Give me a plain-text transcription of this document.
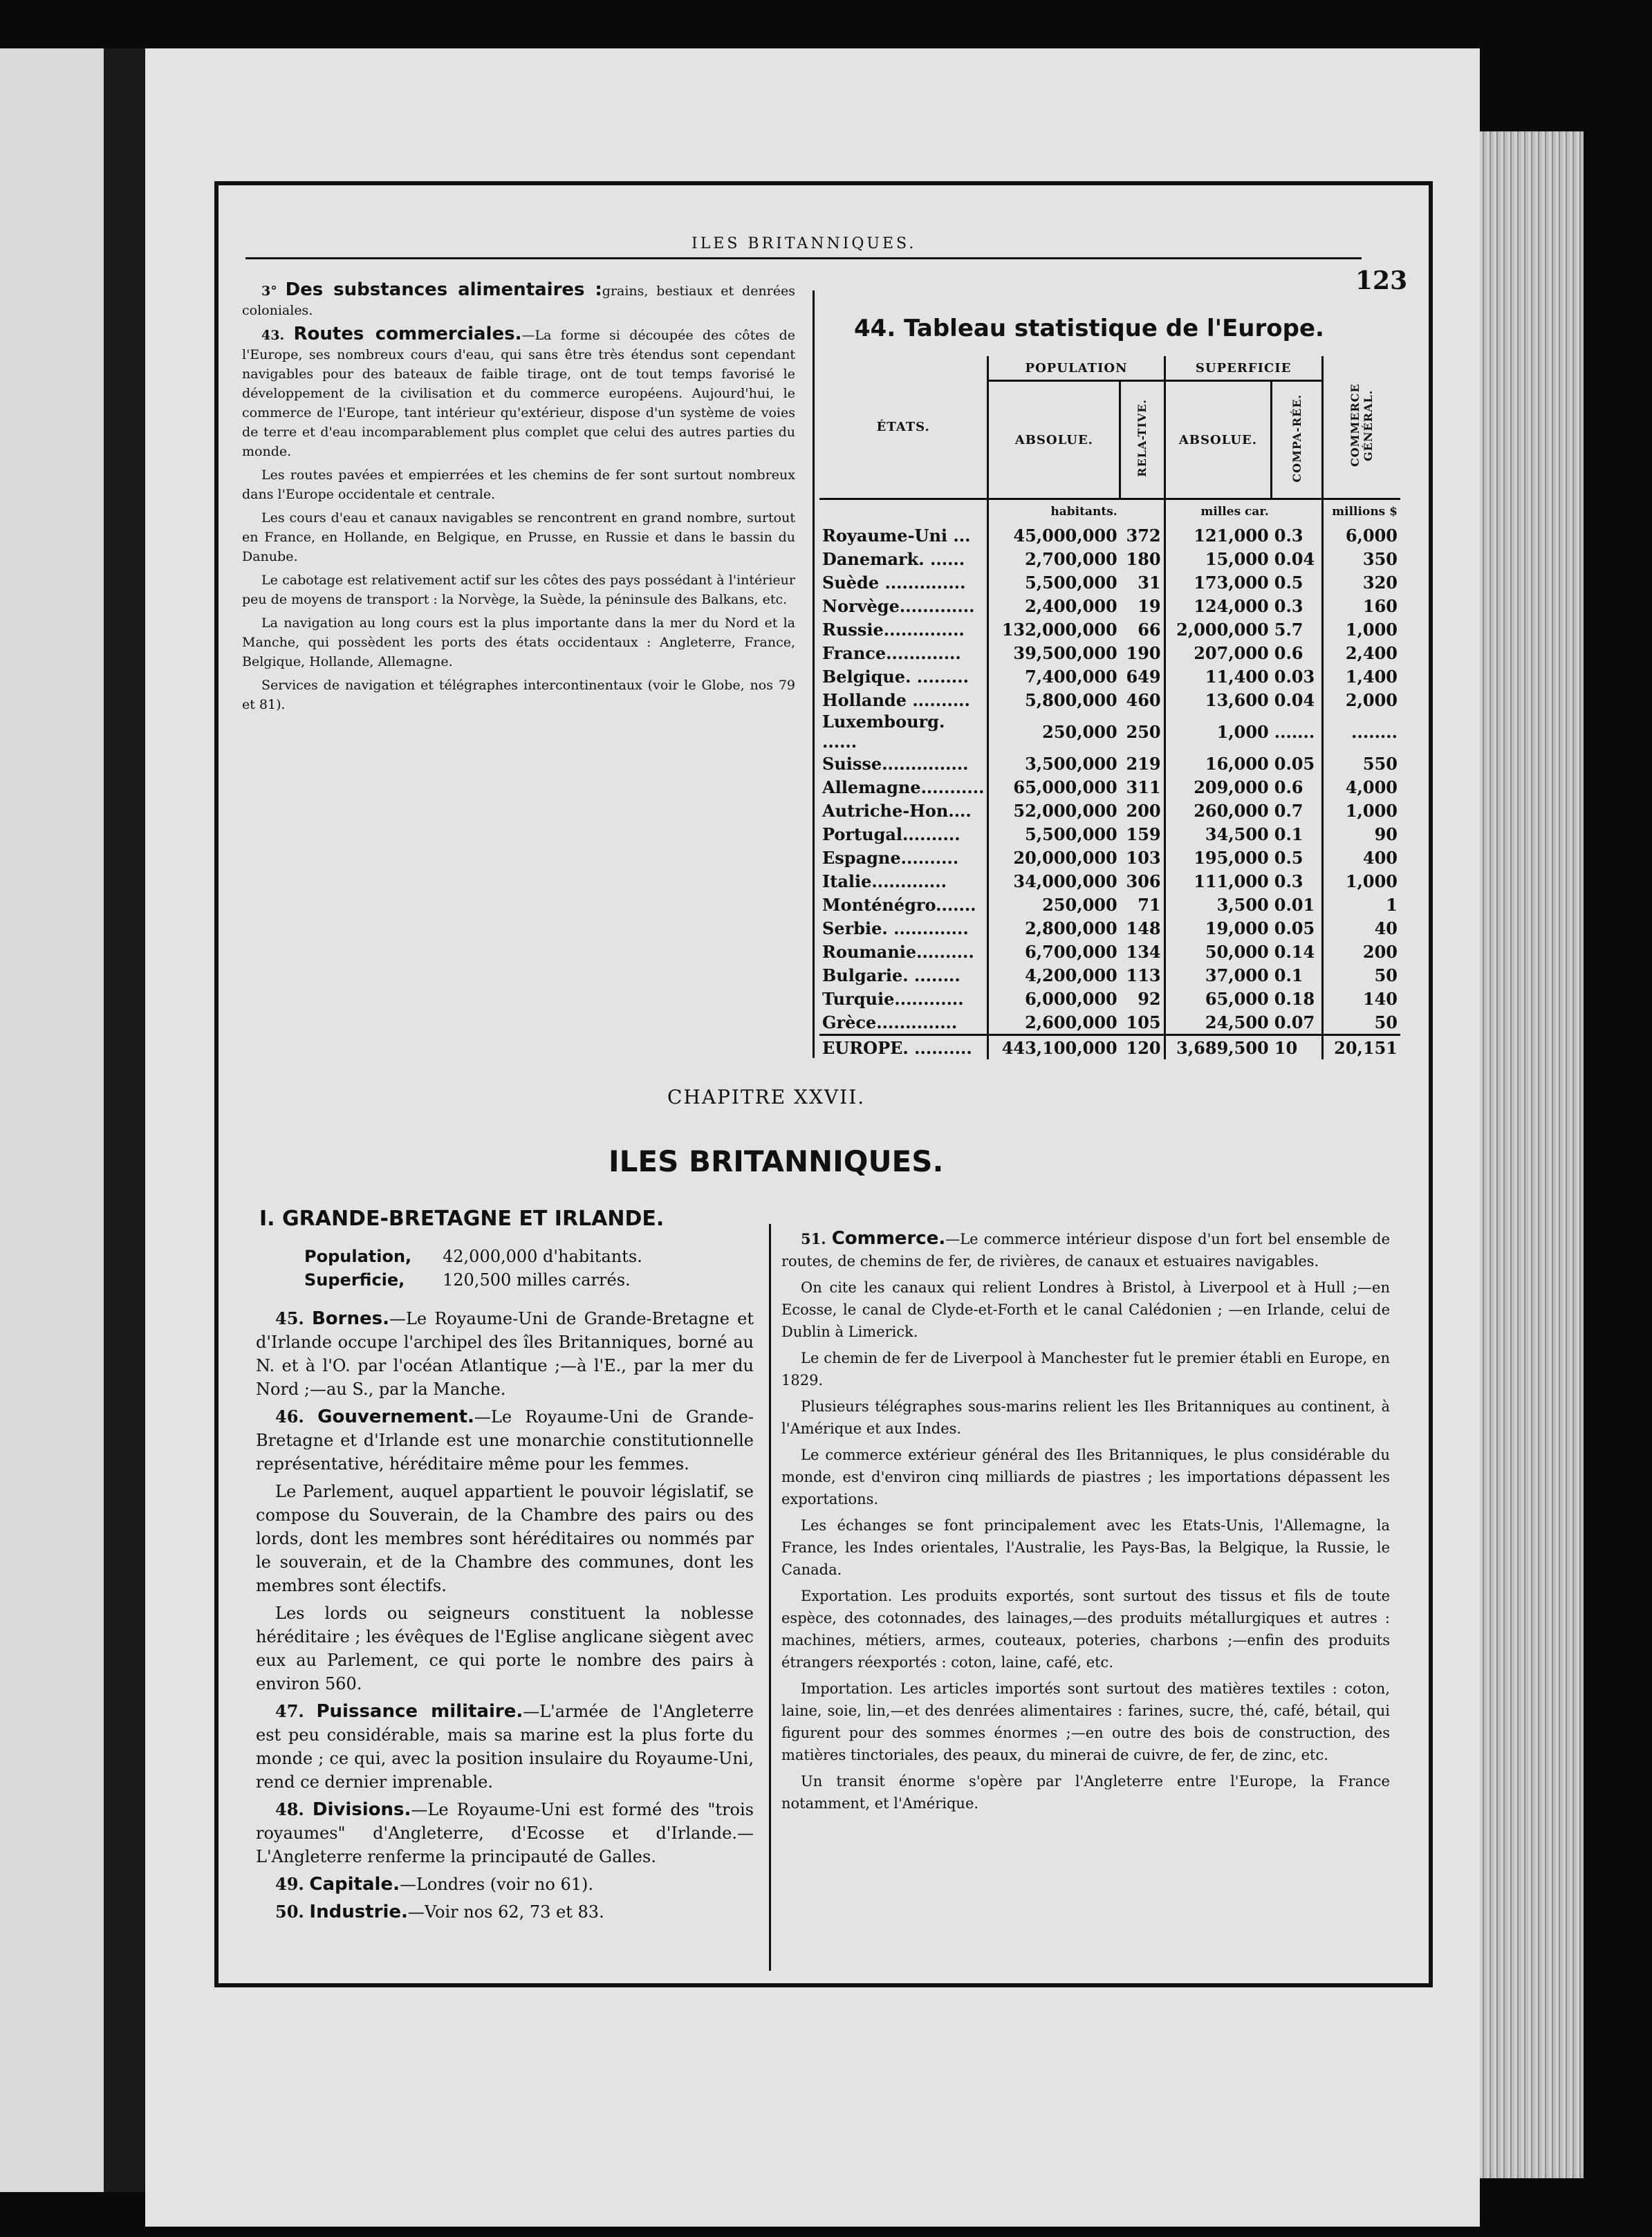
ILES BRITANNIQUES.
123

3° Des substances alimentaires :grains, bestiaux et denrées coloniales.

43. Routes commerciales.—La forme si découpée des côtes de l'Europe, ses nombreux cours d'eau, qui sans être très étendus sont cependant navigables pour des bateaux de faible tirage, ont de tout temps favorisé le développement de la civilisation et du commerce européens. Aujourd'hui, le commerce de l'Europe, tant intérieur qu'extérieur, dispose d'un système de voies de terre et d'eau incomparablement plus complet que celui des autres parties du monde.

Les routes pavées et empierrées et les chemins de fer sont surtout nombreux dans l'Europe occidentale et centrale.

Les cours d'eau et canaux navigables se rencontrent en grand nombre, surtout en France, en Hollande, en Belgique, en Prusse, en Russie et dans le bassin du Danube.

Le cabotage est relativement actif sur les côtes des pays possédant à l'intérieur peu de moyens de transport : la Norvège, la Suède, la péninsule des Balkans, etc.

La navigation au long cours est la plus importante dans la mer du Nord et la Manche, qui possèdent les ports des états occidentaux : Angleterre, France, Belgique, Hollande, Allemagne.

Services de navigation et télégraphes intercontinentaux (voir le Globe, nos 79 et 81).

44. Tableau statistique de l'Europe.
ÉTATS.	POPULATION		SUPERFICIE		COMMERCE GÉNÉRAL.
	ABSOLUE.	RELA-TIVE.	ABSOLUE.	COMPA-RÉE.	
	habitants.		milles car.		millions $
Royaume-Uni ...	45,000,000	372	121,000	0.3	6,000
Danemark. ......	2,700,000	180	15,000	0.04	350
Suède ..............	5,500,000	31	173,000	0.5	320
Norvège.............	2,400,000	19	124,000	0.3	160
Russie..............	132,000,000	66	2,000,000	5.7	1,000
France.............	39,500,000	190	207,000	0.6	2,400
Belgique. .........	7,400,000	649	11,400	0.03	1,400
Hollande ..........	5,800,000	460	13,600	0.04	2,000
Luxembourg. ......	250,000	250	1,000	.......	........
Suisse...............	3,500,000	219	16,000	0.05	550
Allemagne...........	65,000,000	311	209,000	0.6	4,000
Autriche-Hon....	52,000,000	200	260,000	0.7	1,000
Portugal..........	5,500,000	159	34,500	0.1	90
Espagne..........	20,000,000	103	195,000	0.5	400
Italie.............	34,000,000	306	111,000	0.3	1,000
Monténégro.......	250,000	71	3,500	0.01	1
Serbie. .............	2,800,000	148	19,000	0.05	40
Roumanie..........	6,700,000	134	50,000	0.14	200
Bulgarie. ........	4,200,000	113	37,000	0.1	50
Turquie............	6,000,000	92	65,000	0.18	140
Grèce..............	2,600,000	105	24,500	0.07	50
EUROPE. ..........	443,100,000	120	3,689,500	10	20,151
CHAPITRE XXVII.
ILES BRITANNIQUES.
I. GRANDE-BRETAGNE ET IRLANDE.
Population, 42,000,000 d'habitants.
Superficie, 120,500 milles carrés.

45. Bornes.—Le Royaume-Uni de Grande-Bretagne et d'Irlande occupe l'archipel des îles Britanniques, borné au N. et à l'O. par l'océan Atlantique ;—à l'E., par la mer du Nord ;—au S., par la Manche.

46. Gouvernement.—Le Royaume-Uni de Grande-Bretagne et d'Irlande est une monarchie constitutionnelle représentative, héréditaire même pour les femmes.

Le Parlement, auquel appartient le pouvoir législatif, se compose du Souverain, de la Chambre des pairs ou des lords, dont les membres sont héréditaires ou nommés par le souverain, et de la Chambre des communes, dont les membres sont électifs.

Les lords ou seigneurs constituent la noblesse héréditaire ; les évêques de l'Eglise anglicane siègent avec eux au Parlement, ce qui porte le nombre des pairs à environ 560.

47. Puissance militaire.—L'armée de l'Angleterre est peu considérable, mais sa marine est la plus forte du monde ; ce qui, avec la position insulaire du Royaume-Uni, rend ce dernier imprenable.

48. Divisions.—Le Royaume-Uni est formé des "trois royaumes" d'Angleterre, d'Ecosse et d'Irlande.— L'Angleterre renferme la principauté de Galles.

49. Capitale.—Londres (voir no 61).

50. Industrie.—Voir nos 62, 73 et 83.

51. Commerce.—Le commerce intérieur dispose d'un fort bel ensemble de routes, de chemins de fer, de rivières, de canaux et estuaires navigables.

On cite les canaux qui relient Londres à Bristol, à Liverpool et à Hull ;—en Ecosse, le canal de Clyde-et-Forth et le canal Calédonien ; —en Irlande, celui de Dublin à Limerick.

Le chemin de fer de Liverpool à Manchester fut le premier établi en Europe, en 1829.

Plusieurs télégraphes sous-marins relient les Iles Britanniques au continent, à l'Amérique et aux Indes.

Le commerce extérieur général des Iles Britanniques, le plus considérable du monde, est d'environ cinq milliards de piastres ; les importations dépassent les exportations.

Les échanges se font principalement avec les Etats-Unis, l'Allemagne, la France, les Indes orientales, l'Australie, les Pays-Bas, la Belgique, la Russie, le Canada.

Exportation. Les produits exportés, sont surtout des tissus et fils de toute espèce, des cotonnades, des lainages,—des produits métallurgiques et autres : machines, métiers, armes, couteaux, poteries, charbons ;—enfin des produits étrangers réexportés : coton, laine, café, etc.

Importation. Les articles importés sont surtout des matières textiles : coton, laine, soie, lin,—et des denrées alimentaires : farines, sucre, thé, café, bétail, qui figurent pour des sommes énormes ;—en outre des bois de construction, des matières tinctoriales, des peaux, du minerai de cuivre, de fer, de zinc, etc.

Un transit énorme s'opère par l'Angleterre entre l'Europe, la France notamment, et l'Amérique.
